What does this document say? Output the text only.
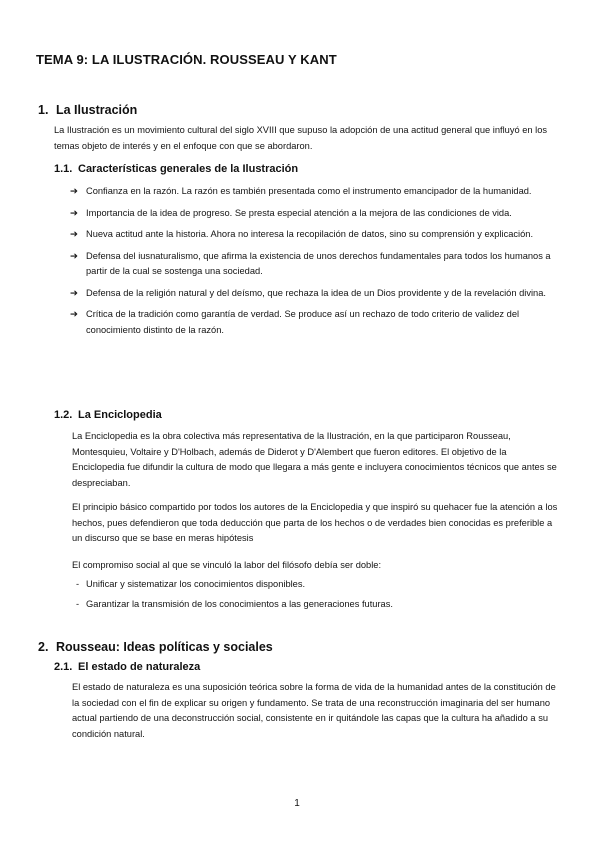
TEMA 9: LA ILUSTRACIÓN. ROUSSEAU Y KANT
1. La Ilustración
La Ilustración es un movimiento cultural del siglo XVIII que supuso la adopción de una actitud general que influyó en los temas objeto de interés y en el enfoque con que se abordaron.
1.1. Características generales de la Ilustración
➔ Confianza en la razón. La razón es también presentada como el instrumento emancipador de la humanidad.
➔ Importancia de la idea de progreso. Se presta especial atención a la mejora de las condiciones de vida.
➔ Nueva actitud ante la historia. Ahora no interesa la recopilación de datos, sino su comprensión y explicación.
➔ Defensa del iusnaturalismo, que afirma la existencia de unos derechos fundamentales para todos los humanos a partir de la cual se sostenga una sociedad.
➔ Defensa de la religión natural y del deísmo, que rechaza la idea de un Dios providente y de la revelación divina.
➔ Crítica de la tradición como garantía de verdad. Se produce así un rechazo de todo criterio de validez del conocimiento distinto de la razón.
1.2. La Enciclopedia
La Enciclopedia es la obra colectiva más representativa de la Ilustración, en la que participaron Rousseau, Montesquieu, Voltaire y D'Holbach, además de Diderot y D'Alembert que fueron editores. El objetivo de la Enciclopedia fue difundir la cultura de modo que llegara a más gente e incluyera conocimientos técnicos que antes se despreciaban.
El principio básico compartido por todos los autores de la Enciclopedia y que inspiró su quehacer fue la atención a los hechos, pues defendieron que toda deducción que parta de los hechos o de verdades bien conocidas es preferible a un discurso que se base en meras hipótesis
El compromiso social al que se vinculó la labor del filósofo debía ser doble:
- Unificar y sistematizar los conocimientos disponibles.
- Garantizar la transmisión de los conocimientos a las generaciones futuras.
2. Rousseau: Ideas políticas y sociales
2.1. El estado de naturaleza
El estado de naturaleza es una suposición teórica sobre la forma de vida de la humanidad antes de la constitución de la sociedad con el fin de explicar su origen y fundamento. Se trata de una reconstrucción imaginaria del ser humano actual partiendo de una deconstrucción social, consistente en ir quitándole las capas que la cultura ha añadido a su condición natural.
1
